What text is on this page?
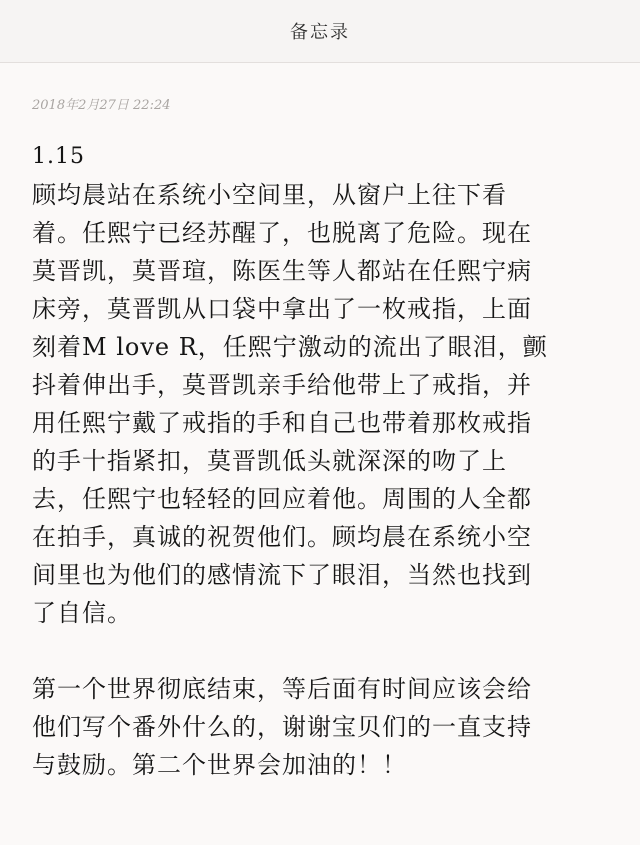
备忘录
2018年2月27日 22:24
1.15
顾均晨站在系统小空间里，从窗户上往下看
着。任熙宁已经苏醒了，也脱离了危险。现在
莫晋凯，莫晋瑄，陈医生等人都站在任熙宁病
床旁，莫晋凯从口袋中拿出了一枚戒指，上面
刻着M love R，任熙宁激动的流出了眼泪，颤
抖着伸出手，莫晋凯亲手给他带上了戒指，并
用任熙宁戴了戒指的手和自己也带着那枚戒指
的手十指紧扣，莫晋凯低头就深深的吻了上
去，任熙宁也轻轻的回应着他。周围的人全都
在拍手，真诚的祝贺他们。顾均晨在系统小空
间里也为他们的感情流下了眼泪，当然也找到
了自信。
第一个世界彻底结束，等后面有时间应该会给
他们写个番外什么的，谢谢宝贝们的一直支持
与鼓励。第二个世界会加油的！！
